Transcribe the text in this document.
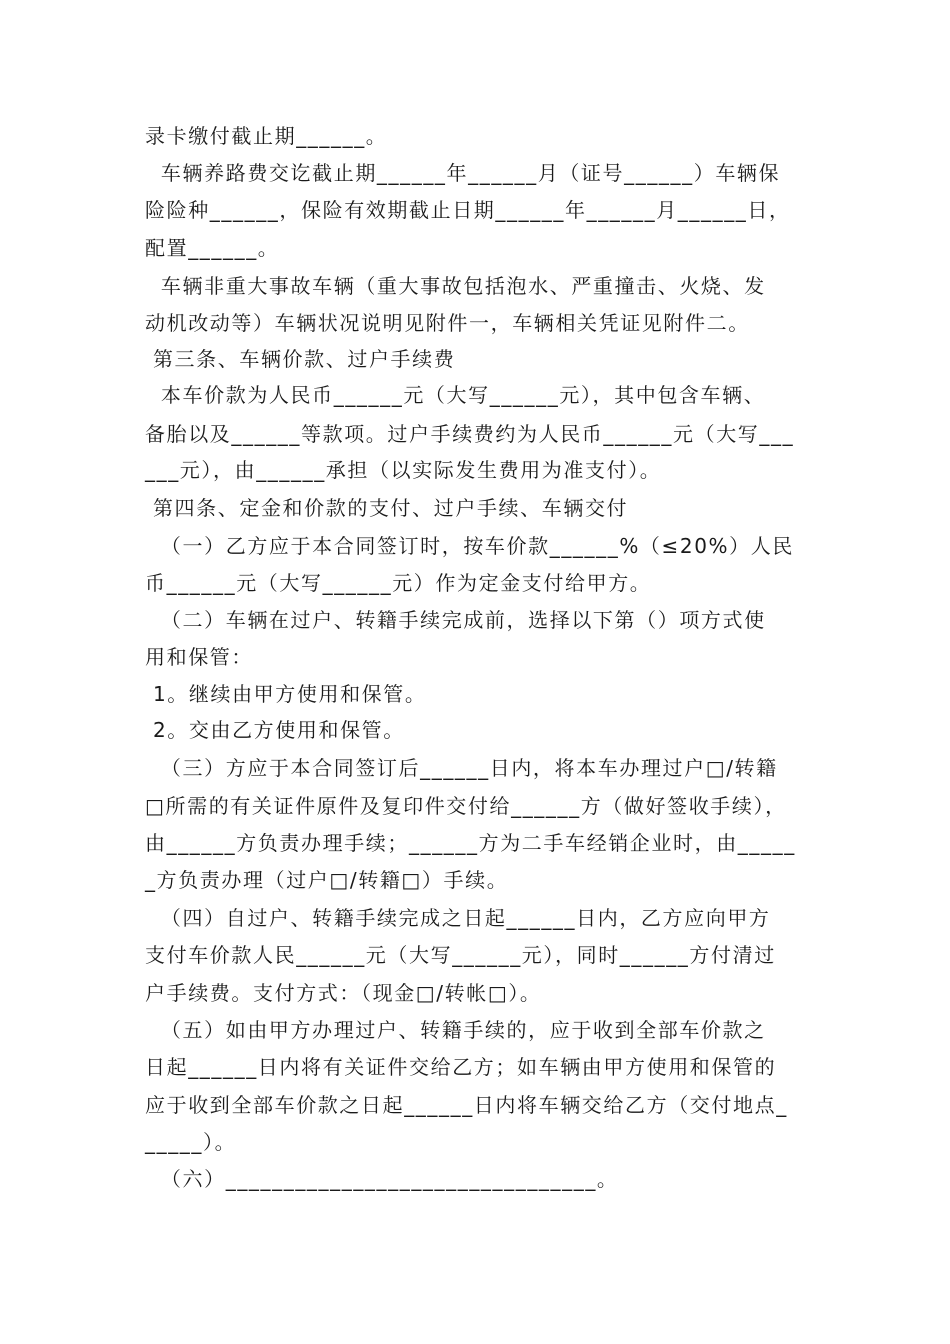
录卡缴付截止期______。
车辆养路费交讫截止期______年______月（证号______）车辆保
险险种______，保险有效期截止日期______年______月______日，
配置______。
车辆非重大事故车辆（重大事故包括泡水、严重撞击、火烧、发
动机改动等）车辆状况说明见附件一，车辆相关凭证见附件二。
第三条、车辆价款、过户手续费
本车价款为人民币______元（大写______元），其中包含车辆、
备胎以及______等款项。过户手续费约为人民币______元（大写___
___元），由______承担（以实际发生费用为准支付）。
第四条、定金和价款的支付、过户手续、车辆交付
（一）乙方应于本合同签订时，按车价款______%（≤20%）人民
币______元（大写______元）作为定金支付给甲方。
（二）车辆在过户、转籍手续完成前，选择以下第（）项方式使
用和保管：
1。继续由甲方使用和保管。
2。交由乙方使用和保管。
（三）方应于本合同签订后______日内，将本车办理过户□/转籍
□所需的有关证件原件及复印件交付给______方（做好签收手续），
由______方负责办理手续；______方为二手车经销企业时，由_____
_方负责办理（过户□/转籍□）手续。
（四）自过户、转籍手续完成之日起______日内，乙方应向甲方
支付车价款人民______元（大写______元），同时______方付清过
户手续费。支付方式：（现金□/转帐□）。
（五）如由甲方办理过户、转籍手续的，应于收到全部车价款之
日起______日内将有关证件交给乙方；如车辆由甲方使用和保管的
应于收到全部车价款之日起______日内将车辆交给乙方（交付地点_
_____）。
（六）________________________________。
